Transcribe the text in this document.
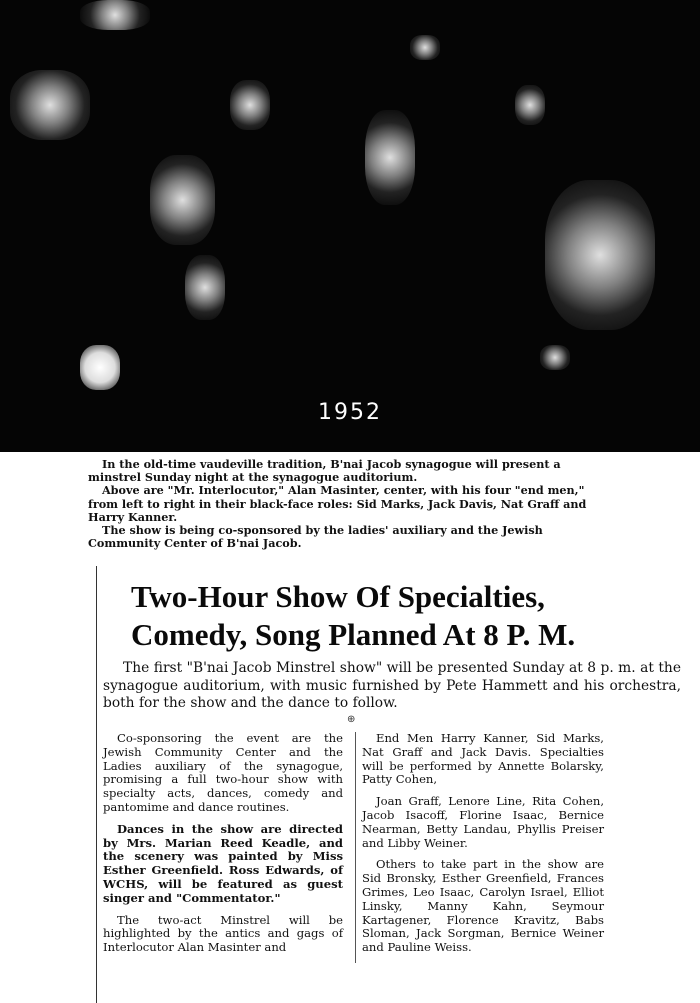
1952

In the old-time vaudeville tradition, B'nai Jacob synagogue will present a minstrel Sunday night at the synagogue auditorium.

Above are "Mr. Interlocutor," Alan Masinter, center, with his four "end men," from left to right in their black-face roles: Sid Marks, Jack Davis, Nat Graff and Harry Kanner.

The show is being co-sponsored by the ladies' auxiliary and the Jewish Community Center of B'nai Jacob.

Two-Hour Show Of Specialties,
Comedy, Song Planned At 8 P. M.

The first "B'nai Jacob Minstrel show" will be presented Sunday at 8 p. m. at the synagogue auditorium, with music furnished by Pete Hammett and his orchestra, both for the show and the dance to follow.

⊕

Co-sponsoring the event are the Jewish Community Center and the Ladies auxiliary of the synagogue, promising a full two-hour show with specialty acts, dances, comedy and pantomime and dance routines.

Dances in the show are directed by Mrs. Marian Reed Keadle, and the scenery was painted by Miss Esther Greenfield. Ross Edwards, of WCHS, will be featured as guest singer and "Commentator."

The two-act Minstrel will be highlighted by the antics and gags of Interlocutor Alan Masinter and

End Men Harry Kanner, Sid Marks, Nat Graff and Jack Davis. Specialties will be performed by Annette Bolarsky, Patty Cohen,

Joan Graff, Lenore Line, Rita Cohen, Jacob Isacoff, Florine Isaac, Bernice Nearman, Betty Landau, Phyllis Preiser and Libby Weiner.

Others to take part in the show are Sid Bronsky, Esther Greenfield, Frances Grimes, Leo Isaac, Carolyn Israel, Elliot Linsky, Manny Kahn, Seymour Kartagener, Florence Kravitz, Babs Sloman, Jack Sorgman, Bernice Weiner and Pauline Weiss.
